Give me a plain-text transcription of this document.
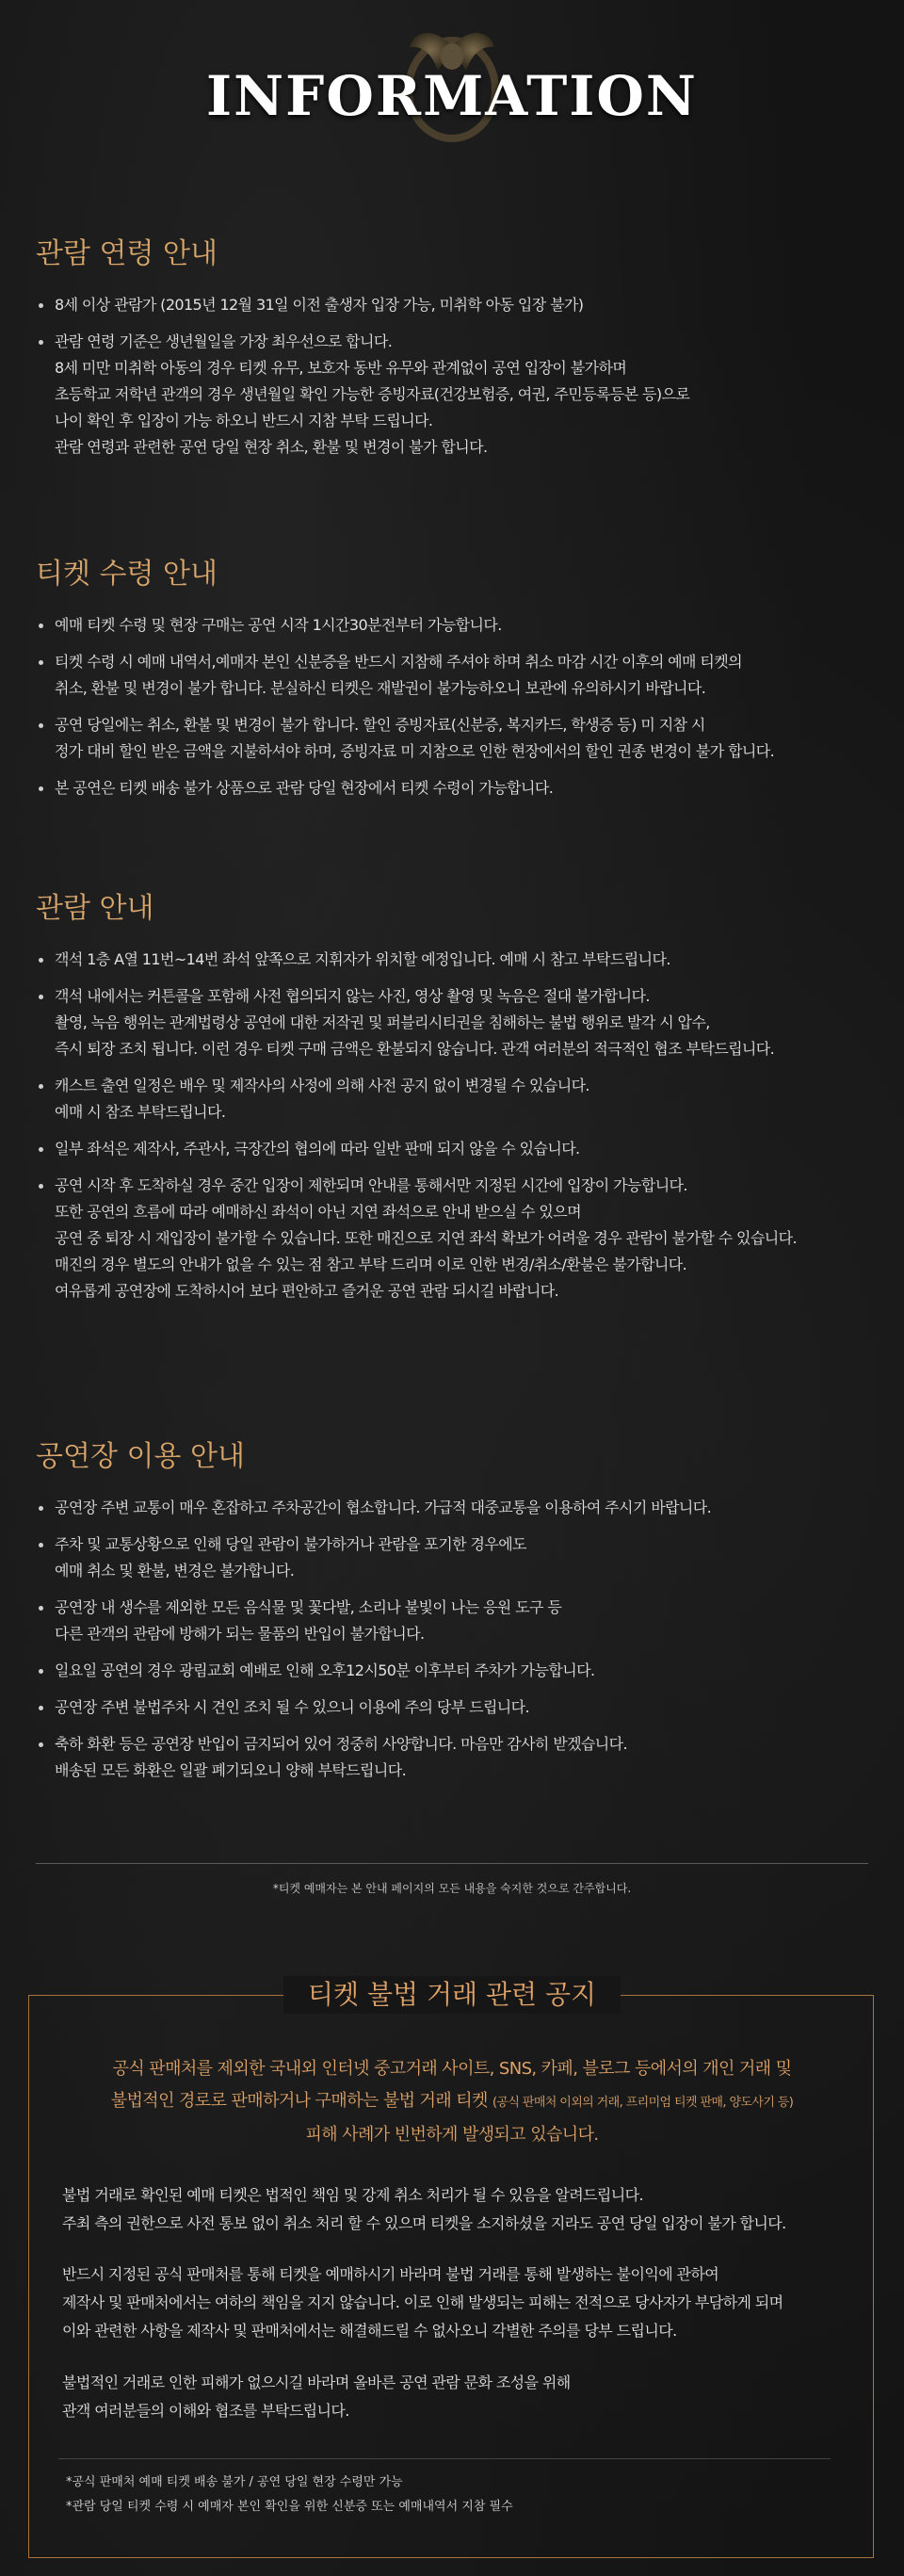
INFORMATION
관람 연령 안내
8세 이상 관람가 (2015년 12월 31일 이전 출생자 입장 가능, 미취학 아동 입장 불가)
관람 연령 기준은 생년월일을 가장 최우선으로 합니다.
8세 미만 미취학 아동의 경우 티켓 유무, 보호자 동반 유무와 관계없이 공연 입장이 불가하며
초등학교 저학년 관객의 경우 생년월일 확인 가능한 증빙자료(건강보험증, 여권, 주민등록등본 등)으로
나이 확인 후 입장이 가능 하오니 반드시 지참 부탁 드립니다.
관람 연령과 관련한 공연 당일 현장 취소, 환불 및 변경이 불가 합니다.
티켓 수령 안내
예매 티켓 수령 및 현장 구매는 공연 시작 1시간30분전부터 가능합니다.
티켓 수령 시 예매 내역서,예매자 본인 신분증을 반드시 지참해 주셔야 하며 취소 마감 시간 이후의 예매 티켓의
취소, 환불 및 변경이 불가 합니다. 분실하신 티켓은 재발권이 불가능하오니 보관에 유의하시기 바랍니다.
공연 당일에는 취소, 환불 및 변경이 불가 합니다. 할인 증빙자료(신분증, 복지카드, 학생증 등) 미 지참 시
정가 대비 할인 받은 금액을 지불하셔야 하며, 증빙자료 미 지참으로 인한 현장에서의 할인 권종 변경이 불가 합니다.
본 공연은 티켓 배송 불가 상품으로 관람 당일 현장에서 티켓 수령이 가능합니다.
관람 안내
객석 1층 A열 11번~14번 좌석 앞쪽으로 지휘자가 위치할 예정입니다. 예매 시 참고 부탁드립니다.
객석 내에서는 커튼콜을 포함해 사전 협의되지 않는 사진, 영상 촬영 및 녹음은 절대 불가합니다.
촬영, 녹음 행위는 관계법령상 공연에 대한 저작권 및 퍼블리시티권을 침해하는 불법 행위로 발각 시 압수,
즉시 퇴장 조치 됩니다. 이런 경우 티켓 구매 금액은 환불되지 않습니다. 관객 여러분의 적극적인 협조 부탁드립니다.
캐스트 출연 일정은 배우 및 제작사의 사정에 의해 사전 공지 없이 변경될 수 있습니다.
예매 시 참조 부탁드립니다.
일부 좌석은 제작사, 주관사, 극장간의 협의에 따라 일반 판매 되지 않을 수 있습니다.
공연 시작 후 도착하실 경우 중간 입장이 제한되며 안내를 통해서만 지정된 시간에 입장이 가능합니다.
또한 공연의 흐름에 따라 예매하신 좌석이 아닌 지연 좌석으로 안내 받으실 수 있으며
공연 중 퇴장 시 재입장이 불가할 수 있습니다. 또한 매진으로 지연 좌석 확보가 어려울 경우 관람이 불가할 수 있습니다.
매진의 경우 별도의 안내가 없을 수 있는 점 참고 부탁 드리며 이로 인한 변경/취소/환불은 불가합니다.
여유롭게 공연장에 도착하시어 보다 편안하고 즐거운 공연 관람 되시길 바랍니다.
공연장 이용 안내
공연장 주변 교통이 매우 혼잡하고 주차공간이 협소합니다. 가급적 대중교통을 이용하여 주시기 바랍니다.
주차 및 교통상황으로 인해 당일 관람이 불가하거나 관람을 포기한 경우에도
예매 취소 및 환불, 변경은 불가합니다.
공연장 내 생수를 제외한 모든 음식물 및 꽃다발, 소리나 불빛이 나는 응원 도구 등
다른 관객의 관람에 방해가 되는 물품의 반입이 불가합니다.
일요일 공연의 경우 광림교회 예배로 인해 오후12시50분 이후부터 주차가 가능합니다.
공연장 주변 불법주차 시 견인 조치 될 수 있으니 이용에 주의 당부 드립니다.
축하 화환 등은 공연장 반입이 금지되어 있어 정중히 사양합니다. 마음만 감사히 받겠습니다.
배송된 모든 화환은 일괄 폐기되오니 양해 부탁드립니다.
*티켓 예매자는 본 안내 페이지의 모든 내용을 숙지한 것으로 간주합니다.
티켓 불법 거래 관련 공지
공식 판매처를 제외한 국내외 인터넷 중고거래 사이트, SNS, 카페, 블로그 등에서의 개인 거래 및
불법적인 경로로 판매하거나 구매하는 불법 거래 티켓 (공식 판매처 이외의 거래, 프리미엄 티켓 판매, 양도사기 등)
피해 사례가 빈번하게 발생되고 있습니다.
불법 거래로 확인된 예매 티켓은 법적인 책임 및 강제 취소 처리가 될 수 있음을 알려드립니다.
주최 측의 권한으로 사전 통보 없이 취소 처리 할 수 있으며 티켓을 소지하셨을 지라도 공연 당일 입장이 불가 합니다.
반드시 지정된 공식 판매처를 통해 티켓을 예매하시기 바라며 불법 거래를 통해 발생하는 불이익에 관하여
제작사 및 판매처에서는 여하의 책임을 지지 않습니다. 이로 인해 발생되는 피해는 전적으로 당사자가 부담하게 되며
이와 관련한 사항을 제작사 및 판매처에서는 해결해드릴 수 없사오니 각별한 주의를 당부 드립니다.
불법적인 거래로 인한 피해가 없으시길 바라며 올바른 공연 관람 문화 조성을 위해
관객 여러분들의 이해와 협조를 부탁드립니다.
*공식 판매처 예매 티켓 배송 불가 / 공연 당일 현장 수령만 가능
*관람 당일 티켓 수령 시 예매자 본인 확인을 위한 신분증 또는 예매내역서 지참 필수
